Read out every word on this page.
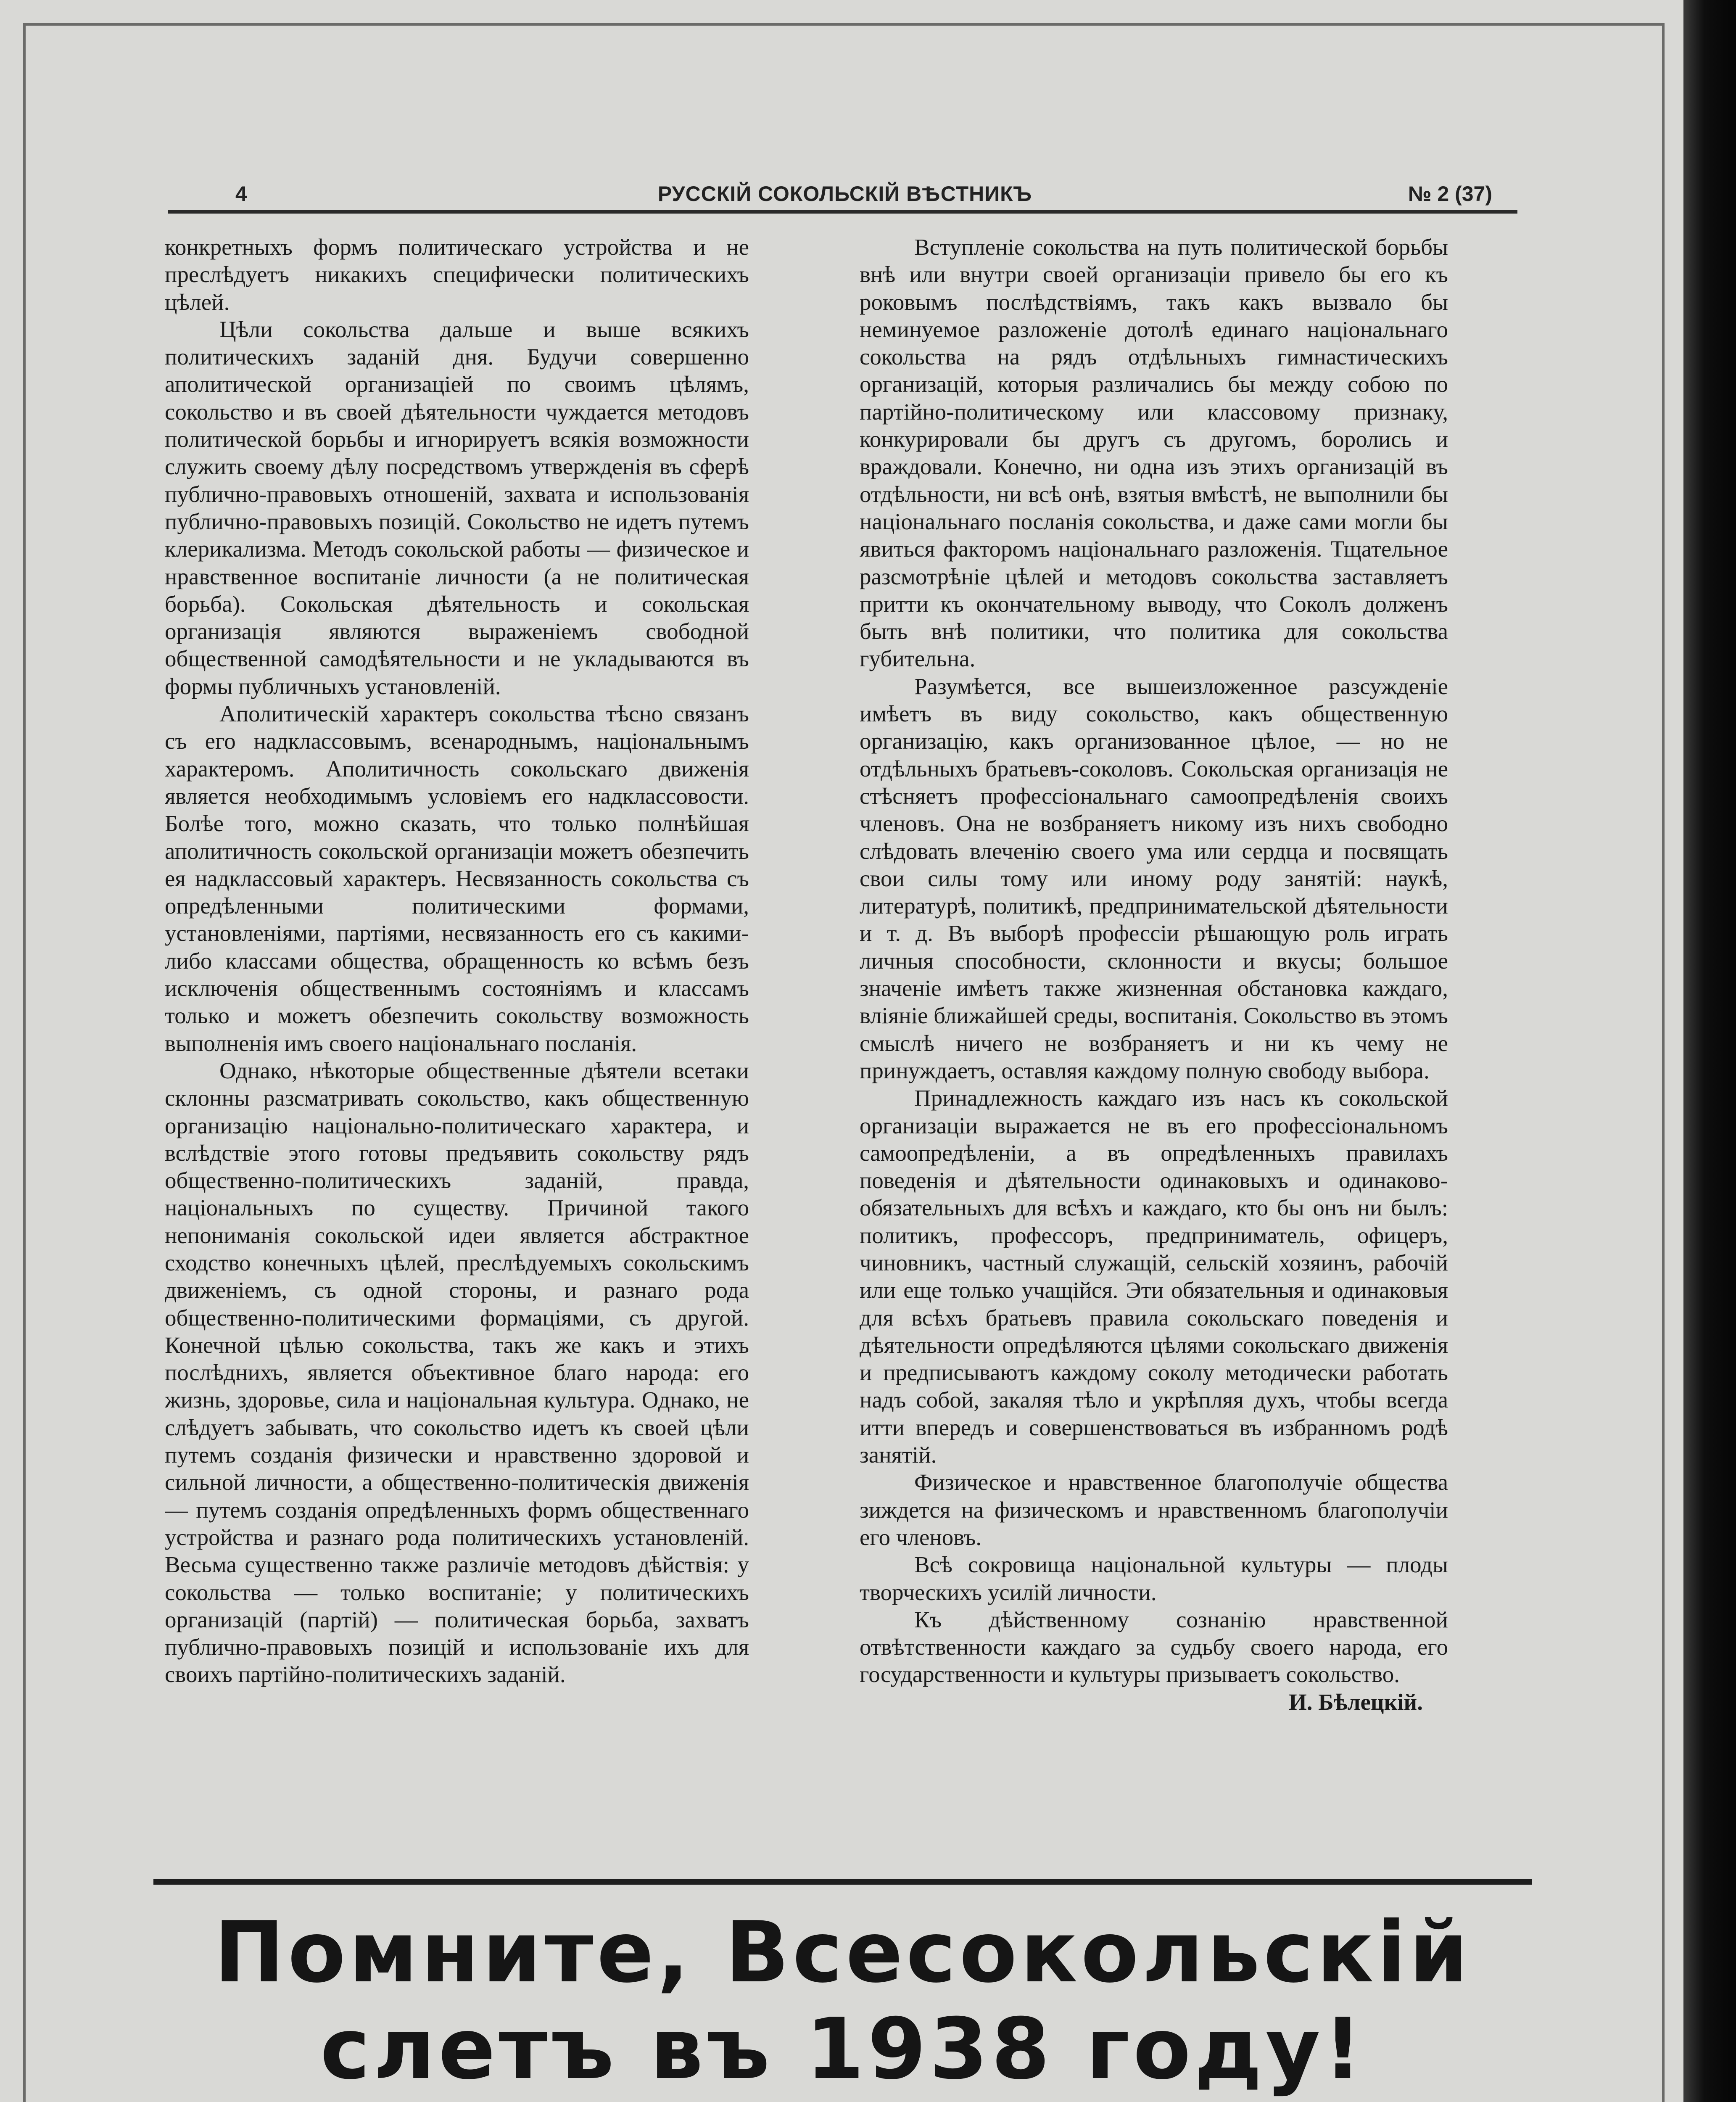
РУССКІЙ СОКОЛЬСКІЙ ВѢСТНИКЪ
4	№ 2 (37)

конкретныхъ формъ политическаго устройства и не преслѣдуетъ никакихъ специфически политическихъ цѣлей.

Цѣли сокольства дальше и выше всякихъ политическихъ заданій дня. Будучи совершенно аполитической организаціей по своимъ цѣлямъ, сокольство и въ своей дѣятельности чуждается методовъ политической борьбы и игнорируетъ всякія возможности служить своему дѣлу посредствомъ утвержденія въ сферѣ публично-правовыхъ отношеній, захвата и использованія публично-правовыхъ позицій. Сокольство не идетъ путемъ клерикализма. Методъ сокольской работы — физическое и нравственное воспитаніе личности (а не политическая борьба). Сокольская дѣятельность и сокольская организація являются выраженіемъ свободной общественной самодѣятельности и не укладываются въ формы публичныхъ установленій.

Аполитическій характеръ сокольства тѣсно связанъ съ его надклассовымъ, всенароднымъ, національнымъ характеромъ. Аполитичность сокольскаго движенія является необходимымъ условіемъ его надклассовости. Болѣе того, можно сказать, что только полнѣйшая аполитичность сокольской организаціи можетъ обезпечить ея надклассовый характеръ. Несвязанность сокольства съ опредѣленными политическими формами, установленіями, партіями, несвязанность его съ какими-либо классами общества, обращенность ко всѣмъ безъ исключенія общественнымъ состояніямъ и классамъ только и можетъ обезпечить сокольству возможность выполненія имъ своего національнаго посланія.

Однако, нѣкоторые общественные дѣятели всетаки склонны разсматривать сокольство, какъ общественную организацію національно-политическаго характера, и вслѣдствіе этого готовы предъявить сокольству рядъ общественно-политическихъ заданій, правда, національныхъ по существу. Причиной такого непониманія сокольской идеи является абстрактное сходство конечныхъ цѣлей, преслѣдуемыхъ сокольскимъ движеніемъ, съ одной стороны, и разнаго рода общественно-политическими формаціями, съ другой. Конечной цѣлью сокольства, такъ же какъ и этихъ послѣднихъ, является объективное благо народа: его жизнь, здоровье, сила и національная культура. Однако, не слѣдуетъ забывать, что сокольство идетъ къ своей цѣли путемъ созданія физически и нравственно здоровой и сильной личности, а общественно-политическія движенія — путемъ созданія опредѣленныхъ формъ общественнаго устройства и разнаго рода политическихъ установленій. Весьма существенно также различіе методовъ дѣйствія: у сокольства — только воспитаніе; у политическихъ организацій (партій) — политическая борьба, захватъ публично-правовыхъ позицій и использованіе ихъ для своихъ партійно-политическихъ заданій.

Вступленіе сокольства на путь политической борьбы внѣ или внутри своей организаціи привело бы его къ роковымъ послѣдствіямъ, такъ какъ вызвало бы неминуемое разложеніе дотолѣ единаго національнаго сокольства на рядъ отдѣльныхъ гимнастическихъ организацій, которыя различались бы между собою по партійно-политическому или классовому признаку, конкурировали бы другъ съ другомъ, боролись и враждовали. Конечно, ни одна изъ этихъ организацій въ отдѣльности, ни всѣ онѣ, взятыя вмѣстѣ, не выполнили бы національнаго посланія сокольства, и даже сами могли бы явиться факторомъ національнаго разложенія. Тщательное разсмотрѣніе цѣлей и методовъ сокольства заставляетъ притти къ окончательному выводу, что Соколъ долженъ быть внѣ политики, что политика для сокольства губительна.

Разумѣется, все вышеизложенное разсужденіе имѣетъ въ виду сокольство, какъ общественную организацію, какъ организованное цѣлое, — но не отдѣльныхъ братьевъ-соколовъ. Сокольская организація не стѣсняетъ профессіональнаго самоопредѣленія своихъ членовъ. Она не возбраняетъ никому изъ нихъ свободно слѣдовать влеченію своего ума или сердца и посвящать свои силы тому или иному роду занятій: наукѣ, литературѣ, политикѣ, предпринимательской дѣятельности и т. д. Въ выборѣ профессіи рѣшающую роль играть личныя способности, склонности и вкусы; большое значеніе имѣетъ также жизненная обстановка каждаго, вліяніе ближайшей среды, воспитанія. Сокольство въ этомъ смыслѣ ничего не возбраняетъ и ни къ чему не принуждаетъ, оставляя каждому полную свободу выбора.

Принадлежность каждаго изъ насъ къ сокольской организаціи выражается не въ его профессіональномъ самоопредѣленіи, а въ опредѣленныхъ правилахъ поведенія и дѣятельности одинаковыхъ и одинаково-обязательныхъ для всѣхъ и каждаго, кто бы онъ ни былъ: политикъ, профессоръ, предприниматель, офицеръ, чиновникъ, частный служащій, сельскій хозяинъ, рабочій или еще только учащійся. Эти обязательныя и одинаковыя для всѣхъ братьевъ правила сокольскаго поведенія и дѣятельности опредѣляются цѣлями сокольскаго движенія и предписываютъ каждому соколу методически работать надъ собой, закаляя тѣло и укрѣпляя духъ, чтобы всегда итти впередъ и совершенствоваться въ избранномъ родѣ занятій.

Физическое и нравственное благополучіе общества зиждется на физическомъ и нравственномъ благополучіи его членовъ.

Всѣ сокровища національной культуры — плоды творческихъ усилій личности.

Къ дѣйственному сознанію нравственной отвѣтственности каждаго за судьбу своего народа, его государственности и культуры призываетъ сокольство.

И. Бѣлецкій.

Помните, Всесокольскій
слетъ въ 1938 году!
